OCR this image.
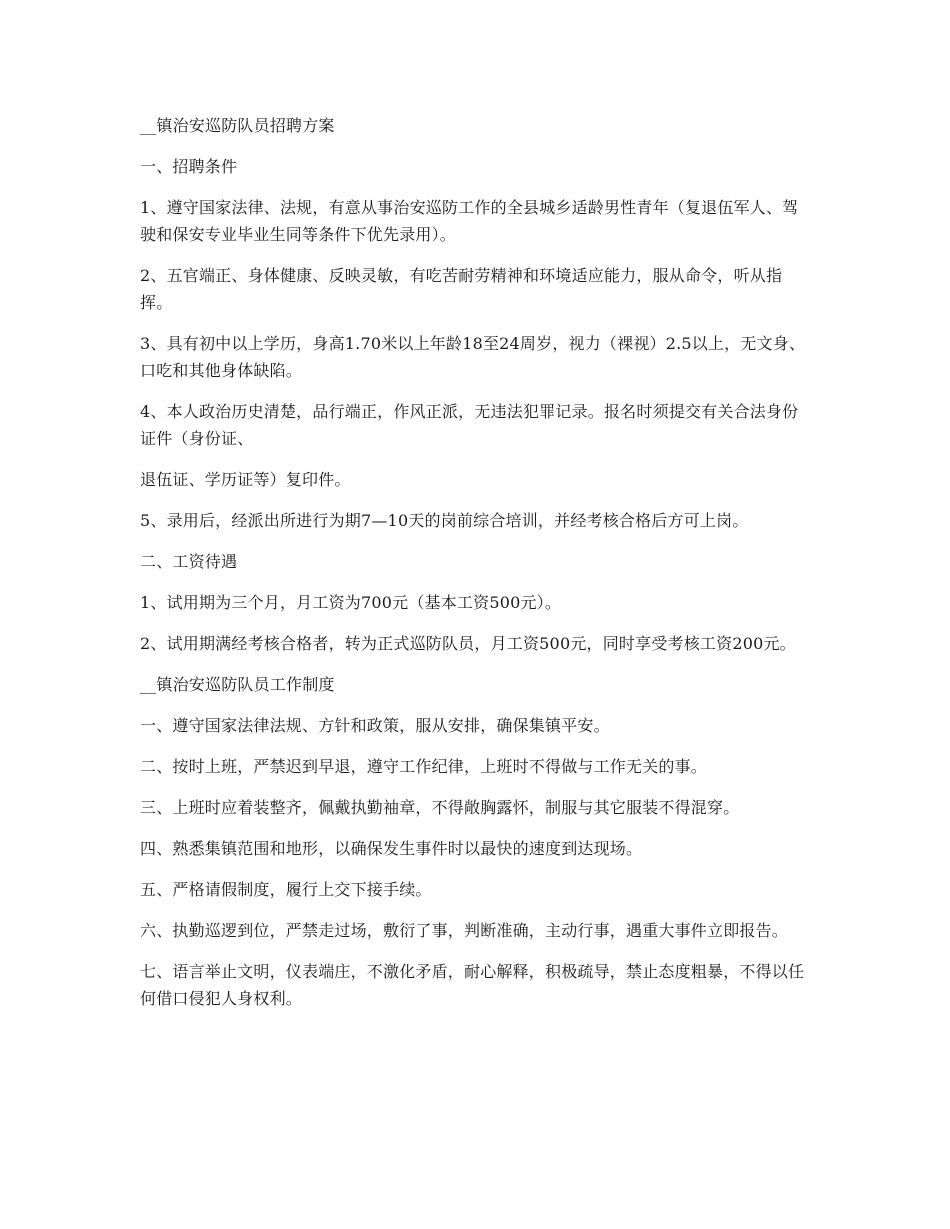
__镇治安巡防队员招聘方案

一、招聘条件

1、遵守国家法律、法规，有意从事治安巡防工作的全县城乡适龄男性青年（复退伍军人、驾驶和保安专业毕业生同等条件下优先录用）。

2、五官端正、身体健康、反映灵敏，有吃苦耐劳精神和环境适应能力，服从命令，听从指挥。

3、具有初中以上学历，身高1.70米以上年龄18至24周岁，视力（裸视）2.5以上，无文身、口吃和其他身体缺陷。

4、本人政治历史清楚，品行端正，作风正派，无违法犯罪记录。报名时须提交有关合法身份证件（身份证、

退伍证、学历证等）复印件。

5、录用后，经派出所进行为期7—10天的岗前综合培训，并经考核合格后方可上岗。

二、工资待遇

1、试用期为三个月，月工资为700元（基本工资500元）。

2、试用期满经考核合格者，转为正式巡防队员，月工资500元，同时享受考核工资200元。

__镇治安巡防队员工作制度

一、遵守国家法律法规、方针和政策，服从安排，确保集镇平安。

二、按时上班，严禁迟到早退，遵守工作纪律，上班时不得做与工作无关的事。

三、上班时应着装整齐，佩戴执勤袖章，不得敞胸露怀，制服与其它服装不得混穿。

四、熟悉集镇范围和地形，以确保发生事件时以最快的速度到达现场。

五、严格请假制度，履行上交下接手续。

六、执勤巡逻到位，严禁走过场，敷衍了事，判断准确，主动行事，遇重大事件立即报告。

七、语言举止文明，仪表端庄，不激化矛盾，耐心解释，积极疏导，禁止态度粗暴，不得以任何借口侵犯人身权利。
